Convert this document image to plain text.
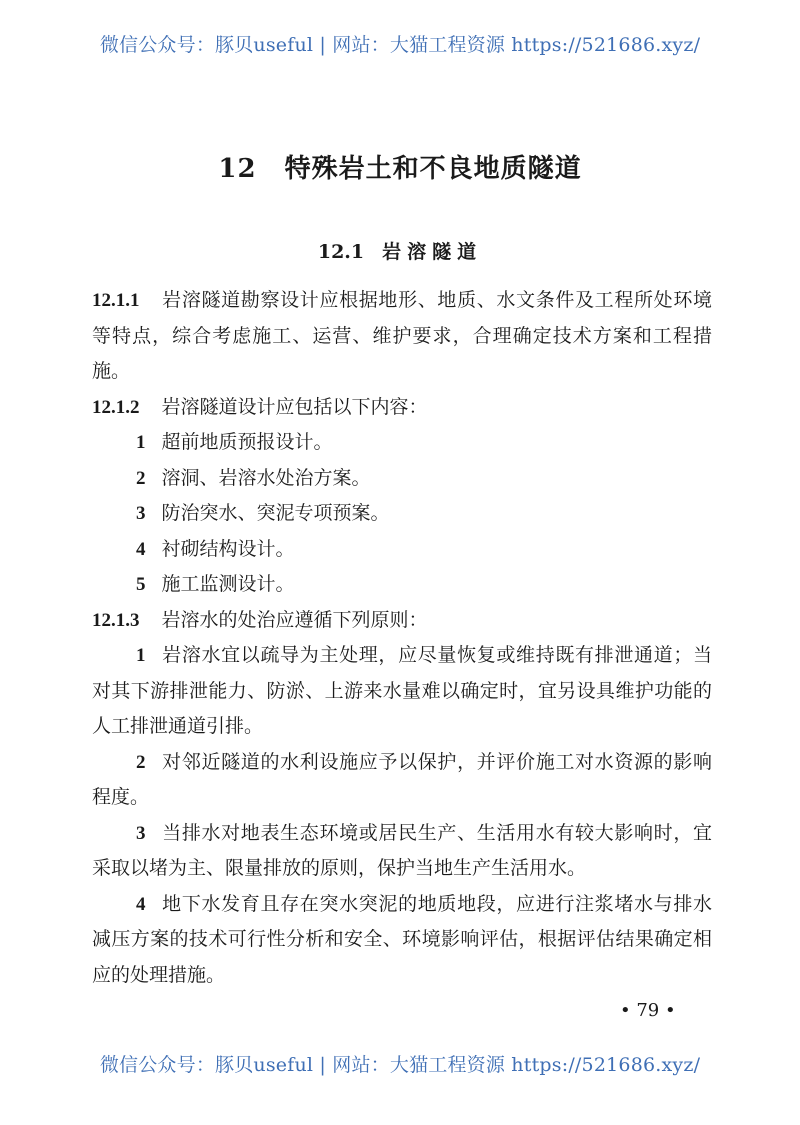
微信公众号：豚贝useful | 网站：大猫工程资源 https://521686.xyz/
12 特殊岩土和不良地质隧道
12.1 岩溶隧道

12.1.1 岩溶隧道勘察设计应根据地形、地质、水文条件及工程所处环境等特点，综合考虑施工、运营、维护要求，合理确定技术方案和工程措施。

12.1.2 岩溶隧道设计应包括以下内容：

1 超前地质预报设计。

2 溶洞、岩溶水处治方案。

3 防治突水、突泥专项预案。

4 衬砌结构设计。

5 施工监测设计。

12.1.3 岩溶水的处治应遵循下列原则：

1 岩溶水宜以疏导为主处理，应尽量恢复或维持既有排泄通道；当对其下游排泄能力、防淤、上游来水量难以确定时，宜另设具维护功能的人工排泄通道引排。

2 对邻近隧道的水利设施应予以保护，并评价施工对水资源的影响程度。

3 当排水对地表生态环境或居民生产、生活用水有较大影响时，宜采取以堵为主、限量排放的原则，保护当地生产生活用水。

4 地下水发育且存在突水突泥的地质地段，应进行注浆堵水与排水减压方案的技术可行性分析和安全、环境影响评估，根据评估结果确定相应的处理措施。

• 79 •
微信公众号：豚贝useful | 网站：大猫工程资源 https://521686.xyz/
